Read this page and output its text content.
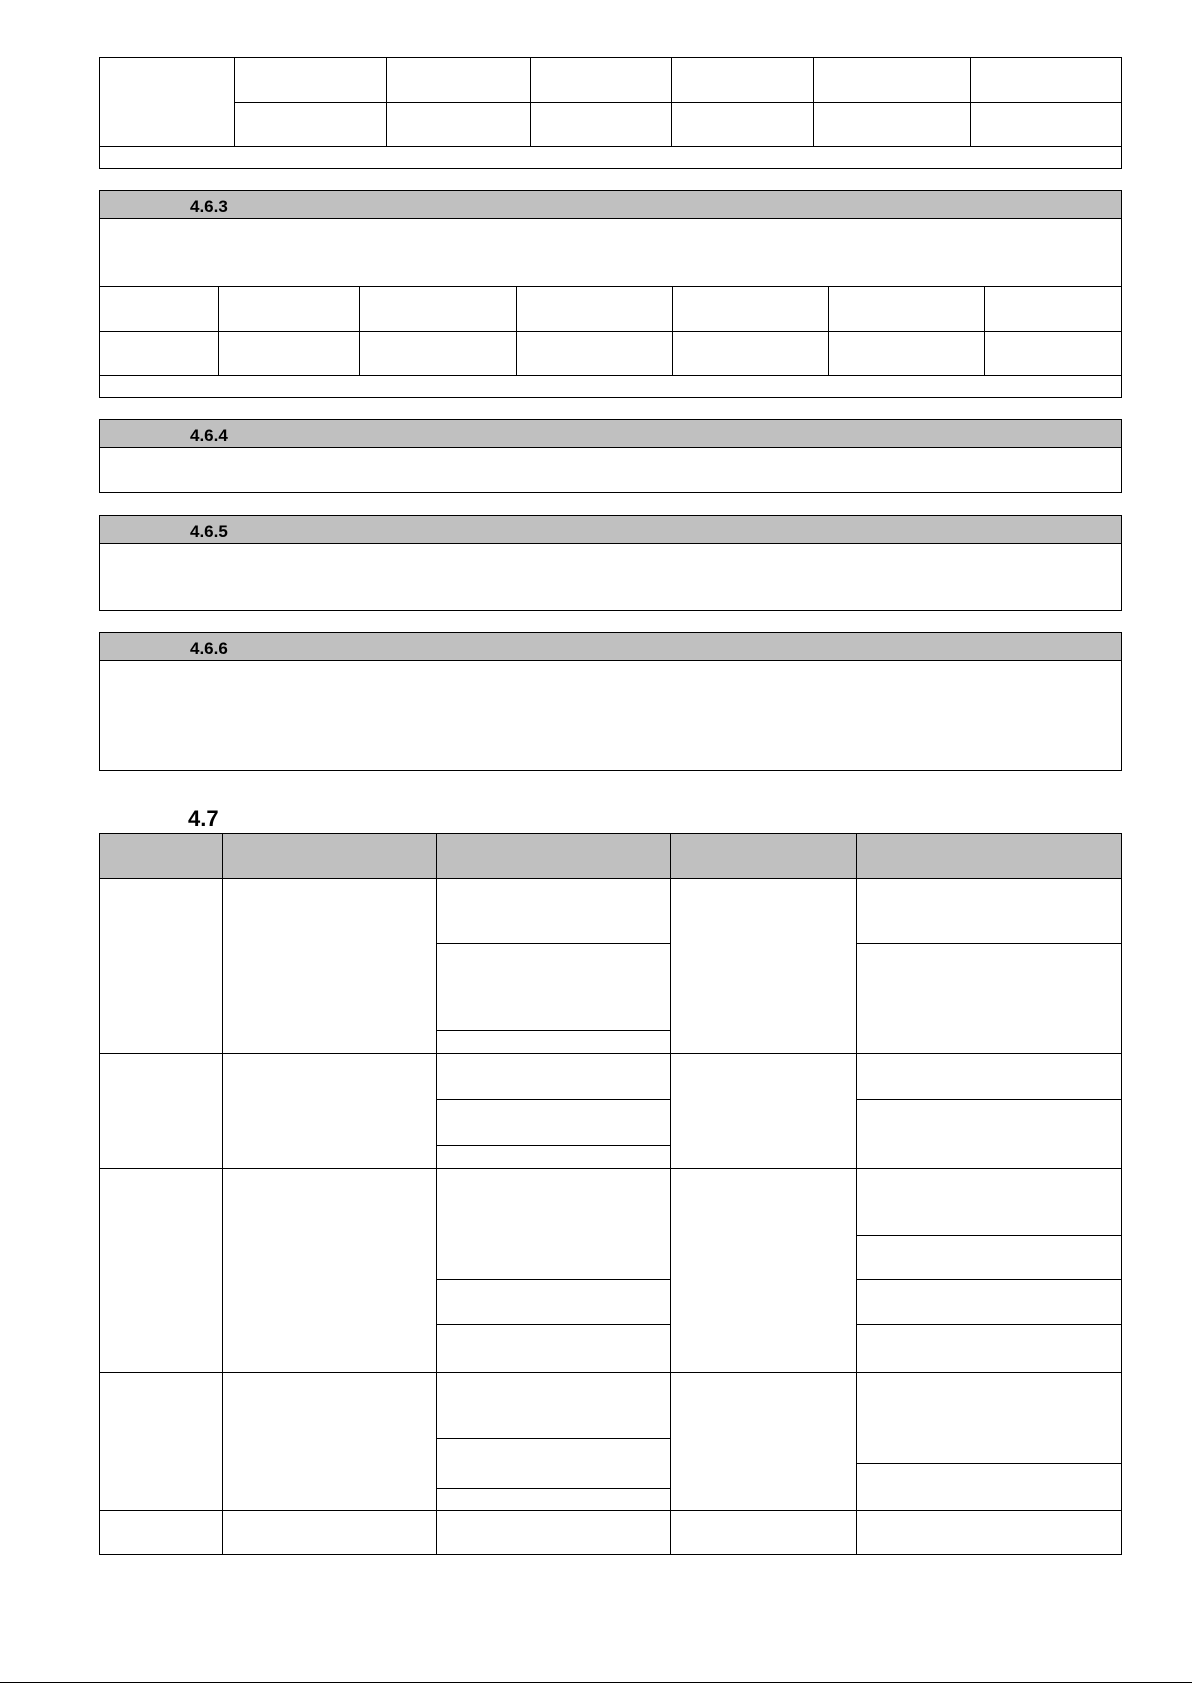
4.6.3
4.6.4
4.6.5
4.6.6
4.7
